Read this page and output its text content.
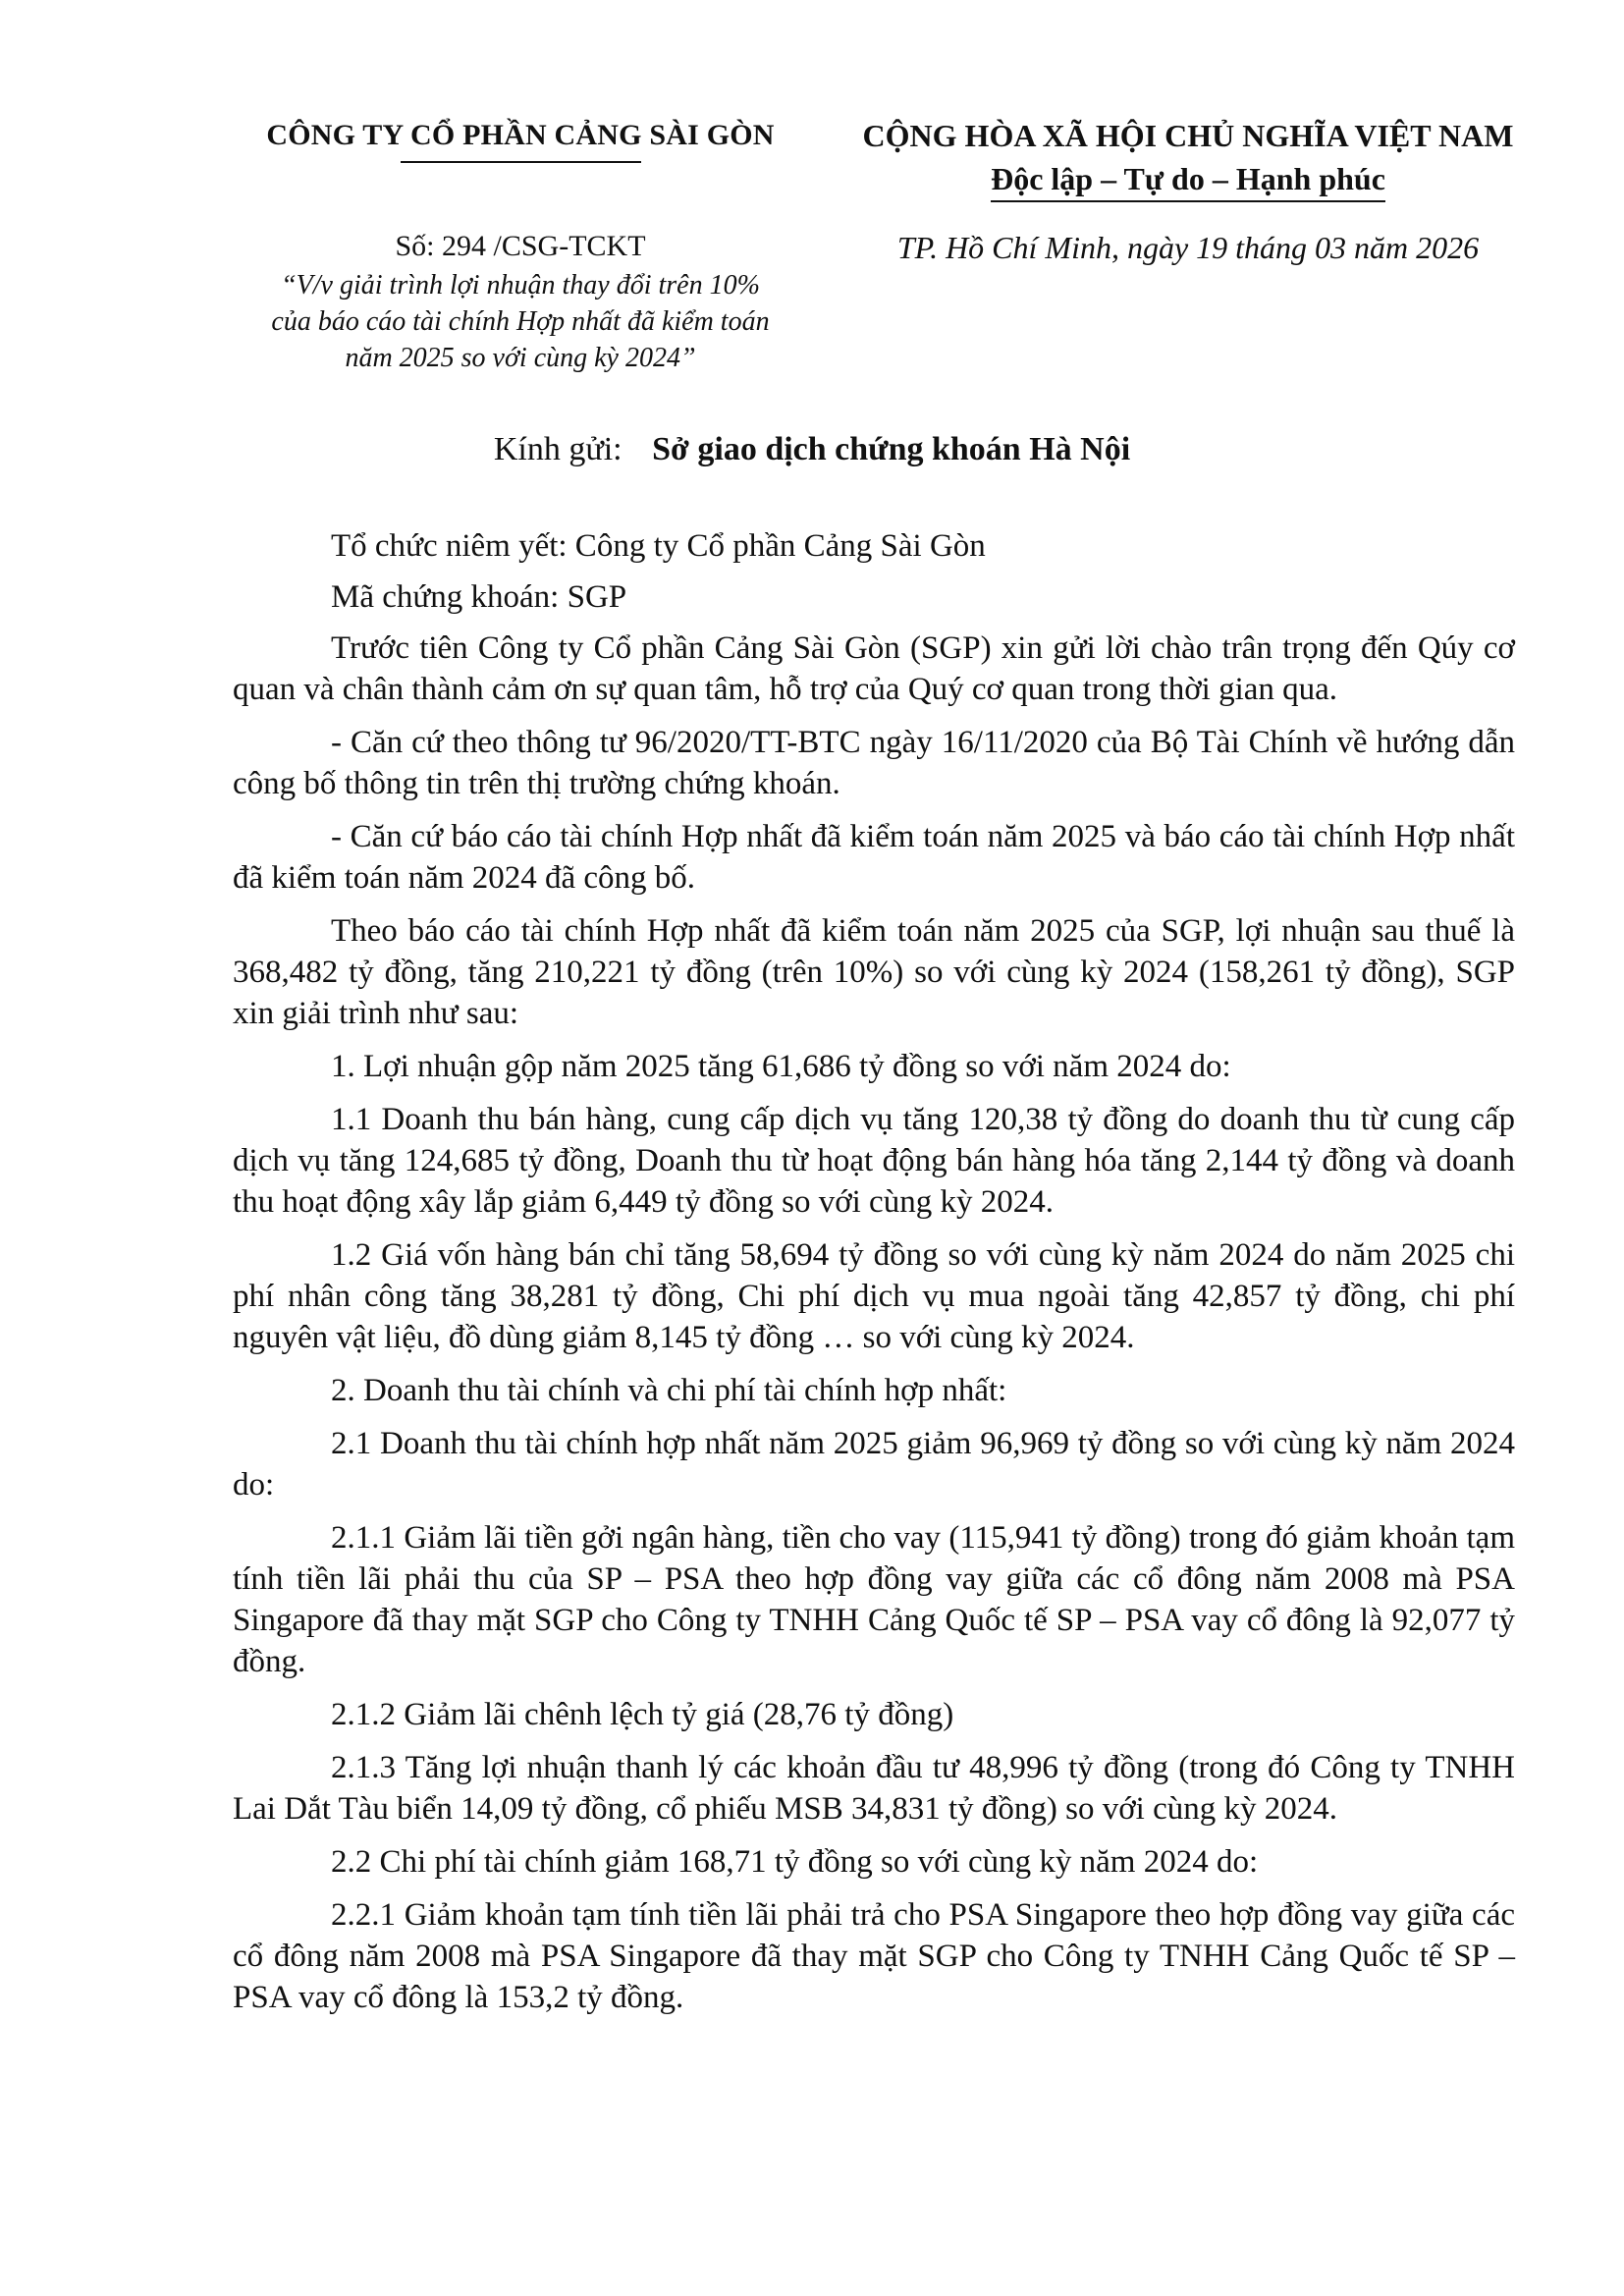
CÔNG TY CỔ PHẦN CẢNG SÀI GÒN	CỘNG HÒA XÃ HỘI CHỦ NGHĨA VIỆT NAM
Độc lập – Tự do – Hạnh phúc
Số: 294 /CSG-TCKT
“V/v giải trình lợi nhuận thay đổi trên 10%
của báo cáo tài chính Hợp nhất đã kiểm toán
năm 2025 so với cùng kỳ 2024”
TP. Hồ Chí Minh, ngày 19 tháng 03 năm 2026
Kính gửi: Sở giao dịch chứng khoán Hà Nội

Tổ chức niêm yết: Công ty Cổ phần Cảng Sài Gòn

Mã chứng khoán: SGP

Trước tiên Công ty Cổ phần Cảng Sài Gòn (SGP) xin gửi lời chào trân trọng đến Qúy cơ quan và chân thành cảm ơn sự quan tâm, hỗ trợ của Quý cơ quan trong thời gian qua.

- Căn cứ theo thông tư 96/2020/TT-BTC ngày 16/11/2020 của Bộ Tài Chính về hướng dẫn công bố thông tin trên thị trường chứng khoán.

- Căn cứ báo cáo tài chính Hợp nhất đã kiểm toán năm 2025 và báo cáo tài chính Hợp nhất đã kiểm toán năm 2024 đã công bố.

Theo báo cáo tài chính Hợp nhất đã kiểm toán năm 2025 của SGP, lợi nhuận sau thuế là 368,482 tỷ đồng, tăng 210,221 tỷ đồng (trên 10%) so với cùng kỳ 2024 (158,261 tỷ đồng), SGP xin giải trình như sau:

1. Lợi nhuận gộp năm 2025 tăng 61,686 tỷ đồng so với năm 2024 do:

1.1 Doanh thu bán hàng, cung cấp dịch vụ tăng 120,38 tỷ đồng do doanh thu từ cung cấp dịch vụ tăng 124,685 tỷ đồng, Doanh thu từ hoạt động bán hàng hóa tăng 2,144 tỷ đồng và doanh thu hoạt động xây lắp giảm 6,449 tỷ đồng so với cùng kỳ 2024.

1.2 Giá vốn hàng bán chỉ tăng 58,694 tỷ đồng so với cùng kỳ năm 2024 do năm 2025 chi phí nhân công tăng 38,281 tỷ đồng, Chi phí dịch vụ mua ngoài tăng 42,857 tỷ đồng, chi phí nguyên vật liệu, đồ dùng giảm 8,145 tỷ đồng … so với cùng kỳ 2024.

2. Doanh thu tài chính và chi phí tài chính hợp nhất:

2.1 Doanh thu tài chính hợp nhất năm 2025 giảm 96,969 tỷ đồng so với cùng kỳ năm 2024 do:

2.1.1 Giảm lãi tiền gởi ngân hàng, tiền cho vay (115,941 tỷ đồng) trong đó giảm khoản tạm tính tiền lãi phải thu của SP – PSA theo hợp đồng vay giữa các cổ đông năm 2008 mà PSA Singapore đã thay mặt SGP cho Công ty TNHH Cảng Quốc tế SP – PSA vay cổ đông là 92,077 tỷ đồng.

2.1.2 Giảm lãi chênh lệch tỷ giá (28,76 tỷ đồng)

2.1.3 Tăng lợi nhuận thanh lý các khoản đầu tư 48,996 tỷ đồng (trong đó Công ty TNHH Lai Dắt Tàu biển 14,09 tỷ đồng, cổ phiếu MSB 34,831 tỷ đồng) so với cùng kỳ 2024.

2.2 Chi phí tài chính giảm 168,71 tỷ đồng so với cùng kỳ năm 2024 do:

2.2.1 Giảm khoản tạm tính tiền lãi phải trả cho PSA Singapore theo hợp đồng vay giữa các cổ đông năm 2008 mà PSA Singapore đã thay mặt SGP cho Công ty TNHH Cảng Quốc tế SP – PSA vay cổ đông là 153,2 tỷ đồng.
